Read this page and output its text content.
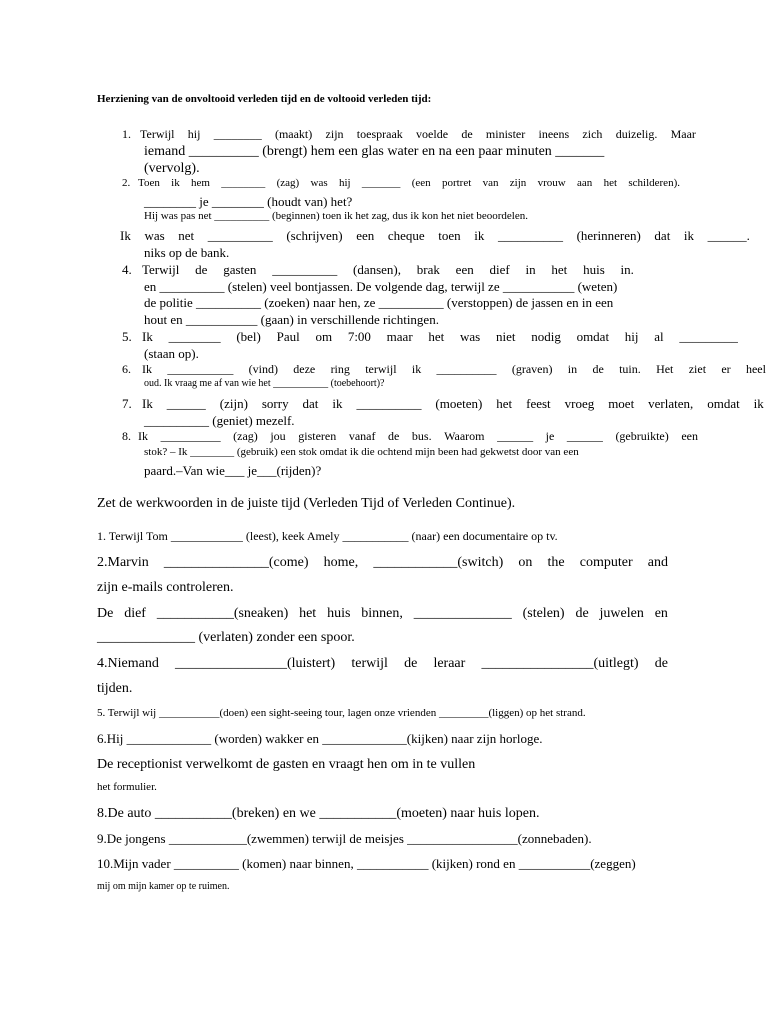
Herziening van de onvoltooid verleden tijd en de voltooid verleden tijd:
1. Terwijl hij ________ (maakt) zijn toespraak voelde de minister ineens zich duizelig. Maar
iemand __________ (brengt) hem een glas water en na een paar minuten _______
(vervolg).
2. Toen ik hem ________ (zag) was hij _______ (een portret van zijn vrouw aan het schilderen).
________ je ________ (houdt van) het?
Hij was pas net __________ (beginnen) toen ik het zag, dus ik kon het niet beoordelen.
Ik was net __________ (schrijven) een cheque toen ik __________ (herinneren) dat ik ______.
niks op de bank.
4. Terwijl de gasten __________ (dansen), brak een dief in het huis in.
en __________ (stelen) veel bontjassen. De volgende dag, terwijl ze ___________ (weten)
de politie __________ (zoeken) naar hen, ze __________ (verstoppen) de jassen en in een
hout en ___________ (gaan) in verschillende richtingen.
5. Ik ________ (bel) Paul om 7:00 maar het was niet nodig omdat hij al _________
(staan op).
6. Ik ___________ (vind) deze ring terwijl ik __________ (graven) in de tuin. Het ziet er heel
oud. Ik vraag me af van wie het ___________ (toebehoort)?
7. Ik ______ (zijn) sorry dat ik __________ (moeten) het feest vroeg moet verlaten, omdat ik
__________ (geniet) mezelf.
8. Ik __________ (zag) jou gisteren vanaf de bus. Waarom ______ je ______ (gebruikte) een
stok? – Ik ________ (gebruik) een stok omdat ik die ochtend mijn been had gekwetst door van een
paard.–Van wie___ je___(rijden)?
Zet de werkwoorden in de juiste tijd (Verleden Tijd of Verleden Continue).
1. Terwijl Tom ____________ (leest), keek Amely ___________ (naar) een documentaire op tv.
2.Marvin _______________(come) home, ____________(switch) on the computer and
zijn e-mails controleren.
De dief ___________(sneaken) het huis binnen, ______________ (stelen) de juwelen en
______________ (verlaten) zonder een spoor.
4.Niemand ________________(luistert) terwijl de leraar ________________(uitlegt) de
tijden.
5. Terwijl wij ___________(doen) een sight-seeing tour, lagen onze vrienden _________(liggen) op het strand.
6.Hij _____________ (worden) wakker en _____________(kijken) naar zijn horloge.
De receptionist verwelkomt de gasten en vraagt hen om in te vullen
het formulier.
8.De auto ___________(breken) en we ___________(moeten) naar huis lopen.
9.De jongens ____________(zwemmen) terwijl de meisjes _________________(zonnebaden).
10.Mijn vader __________ (komen) naar binnen, ___________ (kijken) rond en ___________(zeggen)
mij om mijn kamer op te ruimen.
